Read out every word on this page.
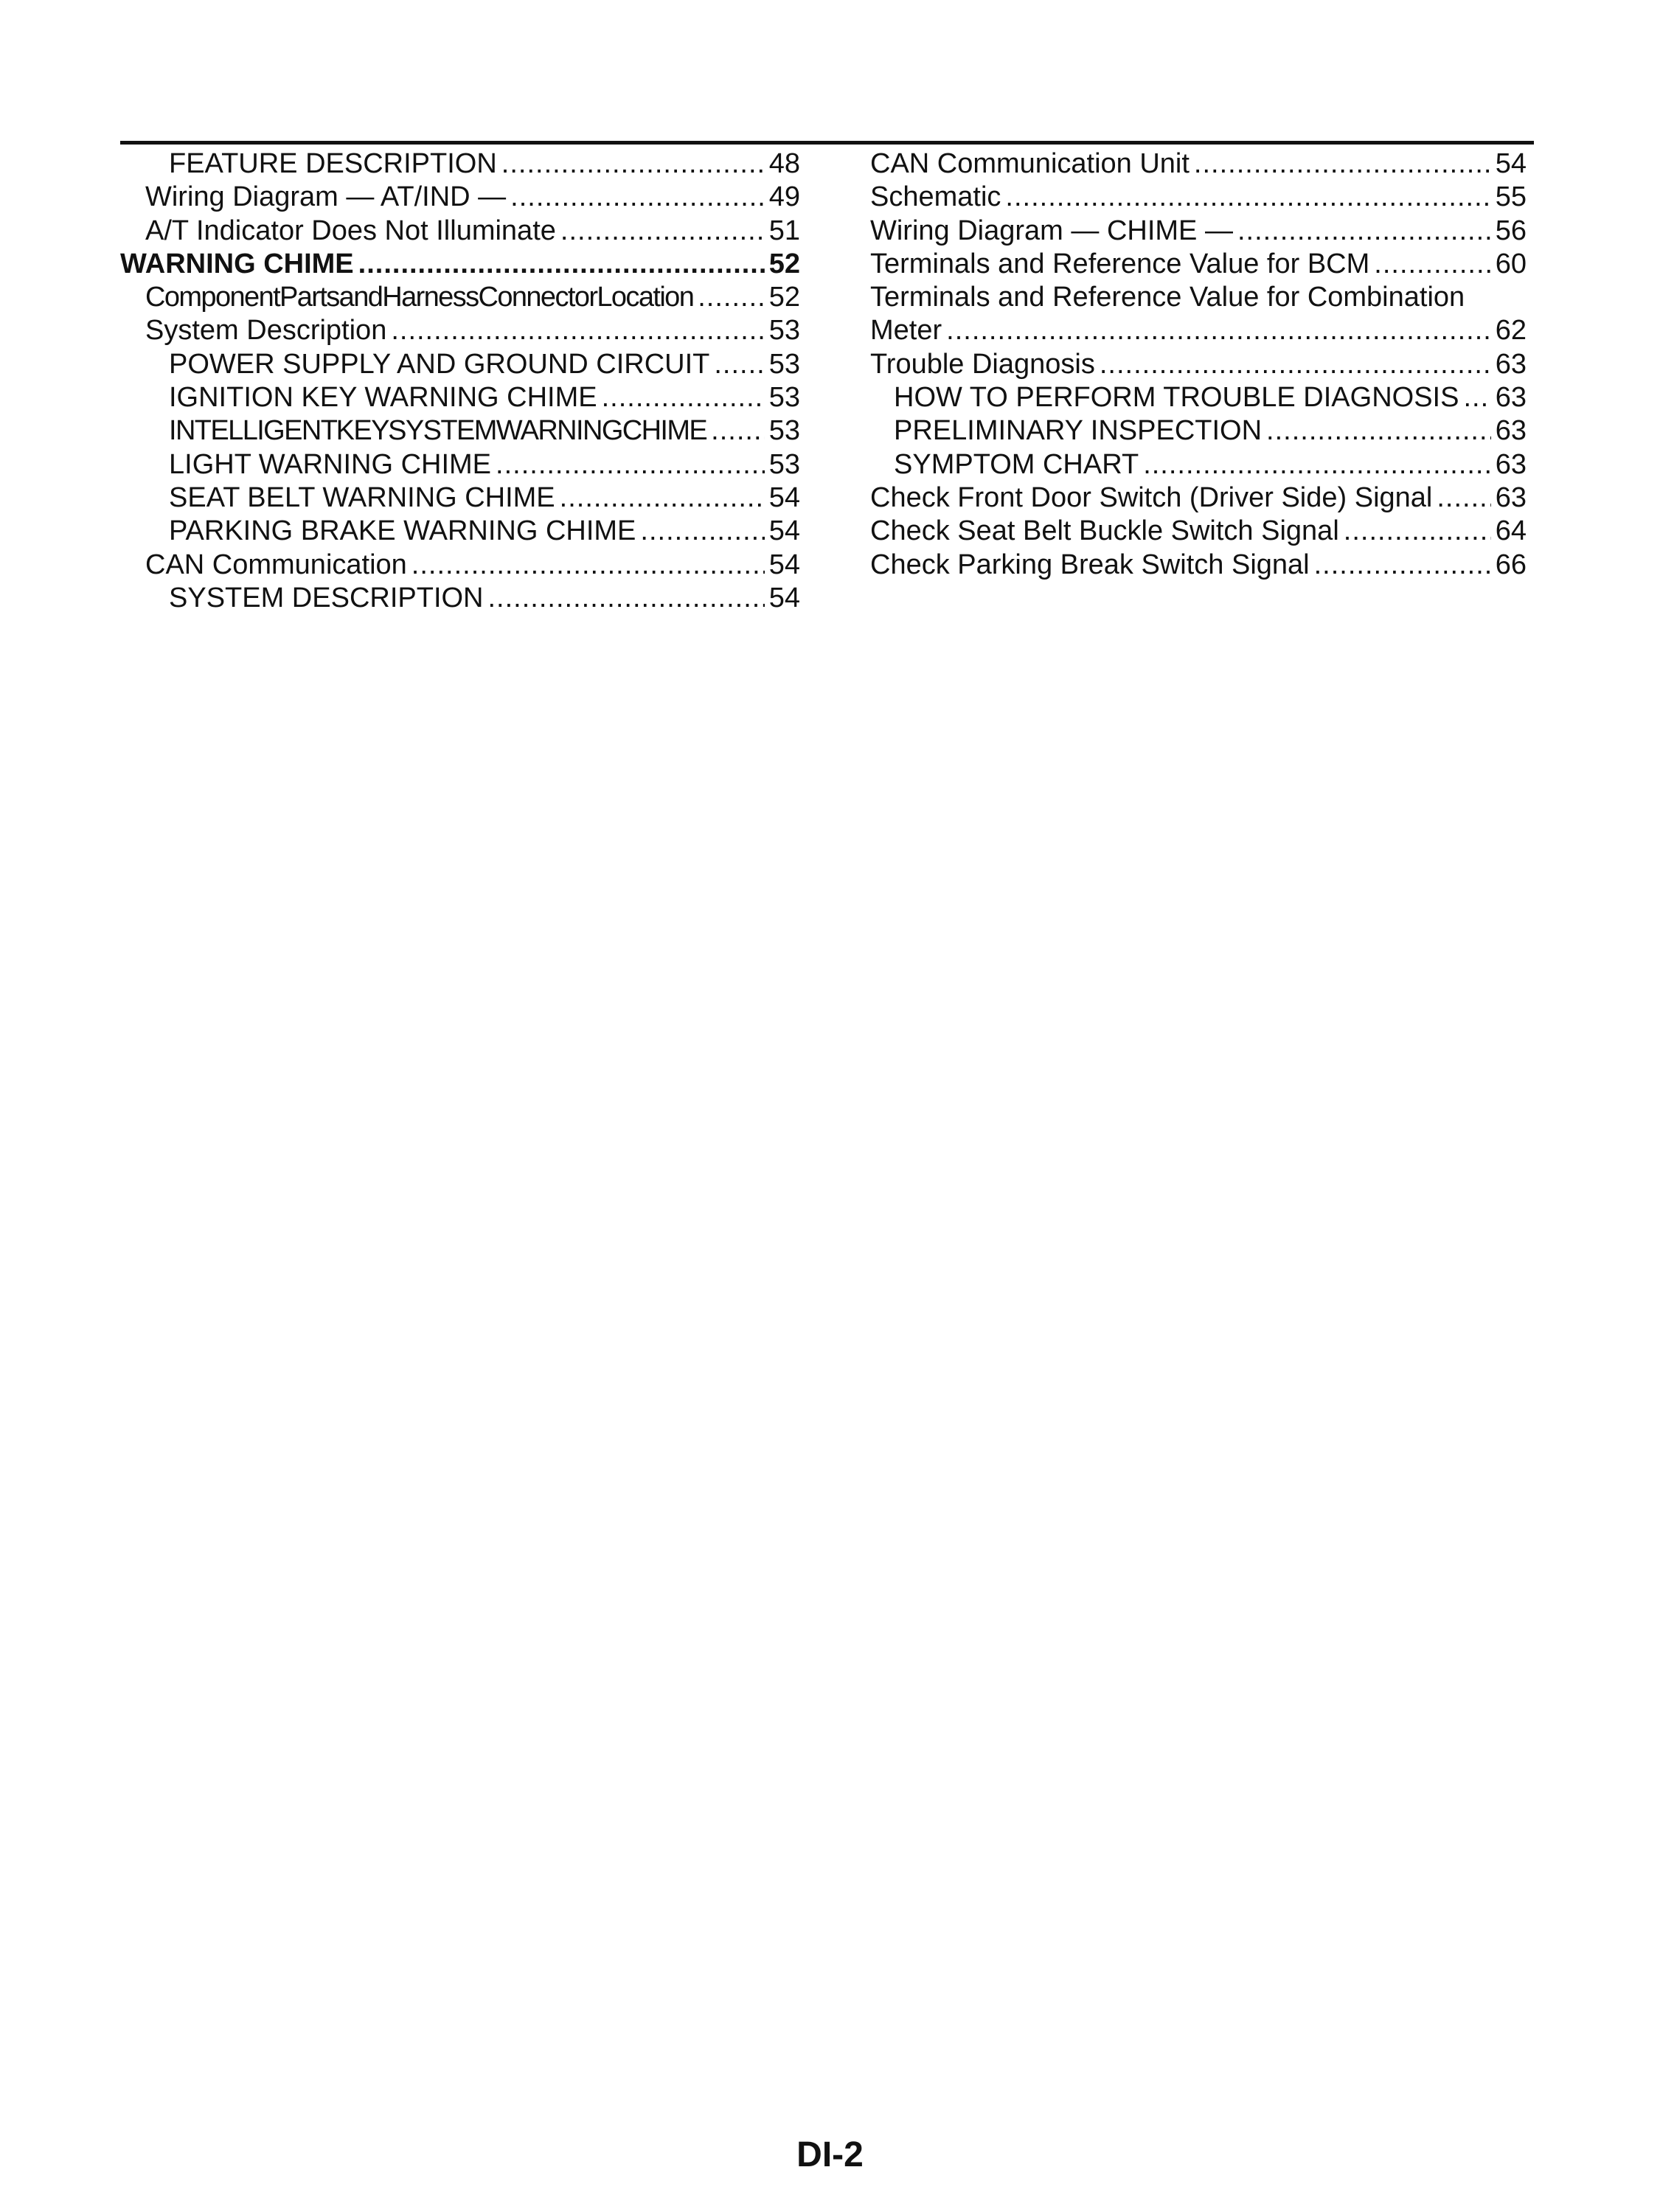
FEATURE DESCRIPTION .....	48
Wiring Diagram — AT/IND — .....	49
A/T Indicator Does Not Illuminate .....	51
WARNING CHIME .....	52
Component Parts and Harness Connector Location .....	52
System Description .....	53
POWER SUPPLY AND GROUND CIRCUIT ..... 53
IGNITION KEY WARNING CHIME .....	53
INTELLIGENT KEY SYSTEM WARNING CHIME ..... 53
LIGHT WARNING CHIME .....	53
SEAT BELT WARNING CHIME .....	54
PARKING BRAKE WARNING CHIME .....	54
CAN Communication .....	54
SYSTEM DESCRIPTION .....	54
CAN Communication Unit .....	54
Schematic .....	55
Wiring Diagram — CHIME — .....	56
Terminals and Reference Value for BCM .....	60
Terminals and Reference Value for Combination
Meter .....	62
Trouble Diagnosis .....	63
HOW TO PERFORM TROUBLE DIAGNOSIS ..... 63
PRELIMINARY INSPECTION .....	63
SYMPTOM CHART .....	63
Check Front Door Switch (Driver Side) Signal ..... 63
Check Seat Belt Buckle Switch Signal .....	64
Check Parking Break Switch Signal .....	66
DI-2
